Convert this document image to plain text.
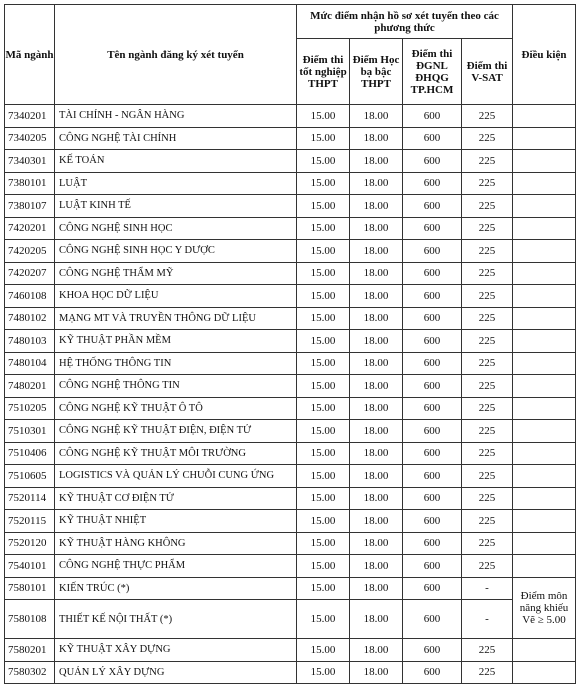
Mã ngành	Tên ngành đăng ký xét tuyển	Mức điểm nhận hồ sơ xét tuyển theo các phương thức				Điều kiện
		Điểm thi tốt nghiệp THPT	Điểm Học bạ bậc THPT	Điểm thi ĐGNL ĐHQG TP.HCM	Điểm thi V-SAT	
7340201	TÀI CHÍNH - NGÂN HÀNG	15.00	18.00	600	225	
7340205	CÔNG NGHỆ TÀI CHÍNH	15.00	18.00	600	225	
7340301	KẾ TOÁN	15.00	18.00	600	225	
7380101	LUẬT	15.00	18.00	600	225	
7380107	LUẬT KINH TẾ	15.00	18.00	600	225	
7420201	CÔNG NGHỆ SINH HỌC	15.00	18.00	600	225	
7420205	CÔNG NGHỆ SINH HỌC Y DƯỢC	15.00	18.00	600	225	
7420207	CÔNG NGHỆ THẨM MỸ	15.00	18.00	600	225	
7460108	KHOA HỌC DỮ LIỆU	15.00	18.00	600	225	
7480102	MẠNG MT VÀ TRUYỀN THÔNG DỮ LIỆU	15.00	18.00	600	225	
7480103	KỸ THUẬT PHẦN MỀM	15.00	18.00	600	225	
7480104	HỆ THỐNG THÔNG TIN	15.00	18.00	600	225	
7480201	CÔNG NGHỆ THÔNG TIN	15.00	18.00	600	225	
7510205	CÔNG NGHỆ KỸ THUẬT Ô TÔ	15.00	18.00	600	225	
7510301	CÔNG NGHỆ KỸ THUẬT ĐIỆN, ĐIỆN TỬ	15.00	18.00	600	225	
7510406	CÔNG NGHỆ KỸ THUẬT MÔI TRƯỜNG	15.00	18.00	600	225	
7510605	LOGISTICS VÀ QUẢN LÝ CHUỖI CUNG ỨNG	15.00	18.00	600	225	
7520114	KỸ THUẬT CƠ ĐIỆN TỬ	15.00	18.00	600	225	
7520115	KỸ THUẬT NHIỆT	15.00	18.00	600	225	
7520120	KỸ THUẬT HÀNG KHÔNG	15.00	18.00	600	225	
7540101	CÔNG NGHỆ THỰC PHẨM	15.00	18.00	600	225	
7580101	KIẾN TRÚC (*)	15.00	18.00	600	-	Điểm môn năng khiếu Vẽ ≥ 5.00
7580108	THIẾT KẾ NỘI THẤT (*)	15.00	18.00	600	-	
7580201	KỸ THUẬT XÂY DỰNG	15.00	18.00	600	225	
7580302	QUẢN LÝ XÂY DỰNG	15.00	18.00	600	225	
